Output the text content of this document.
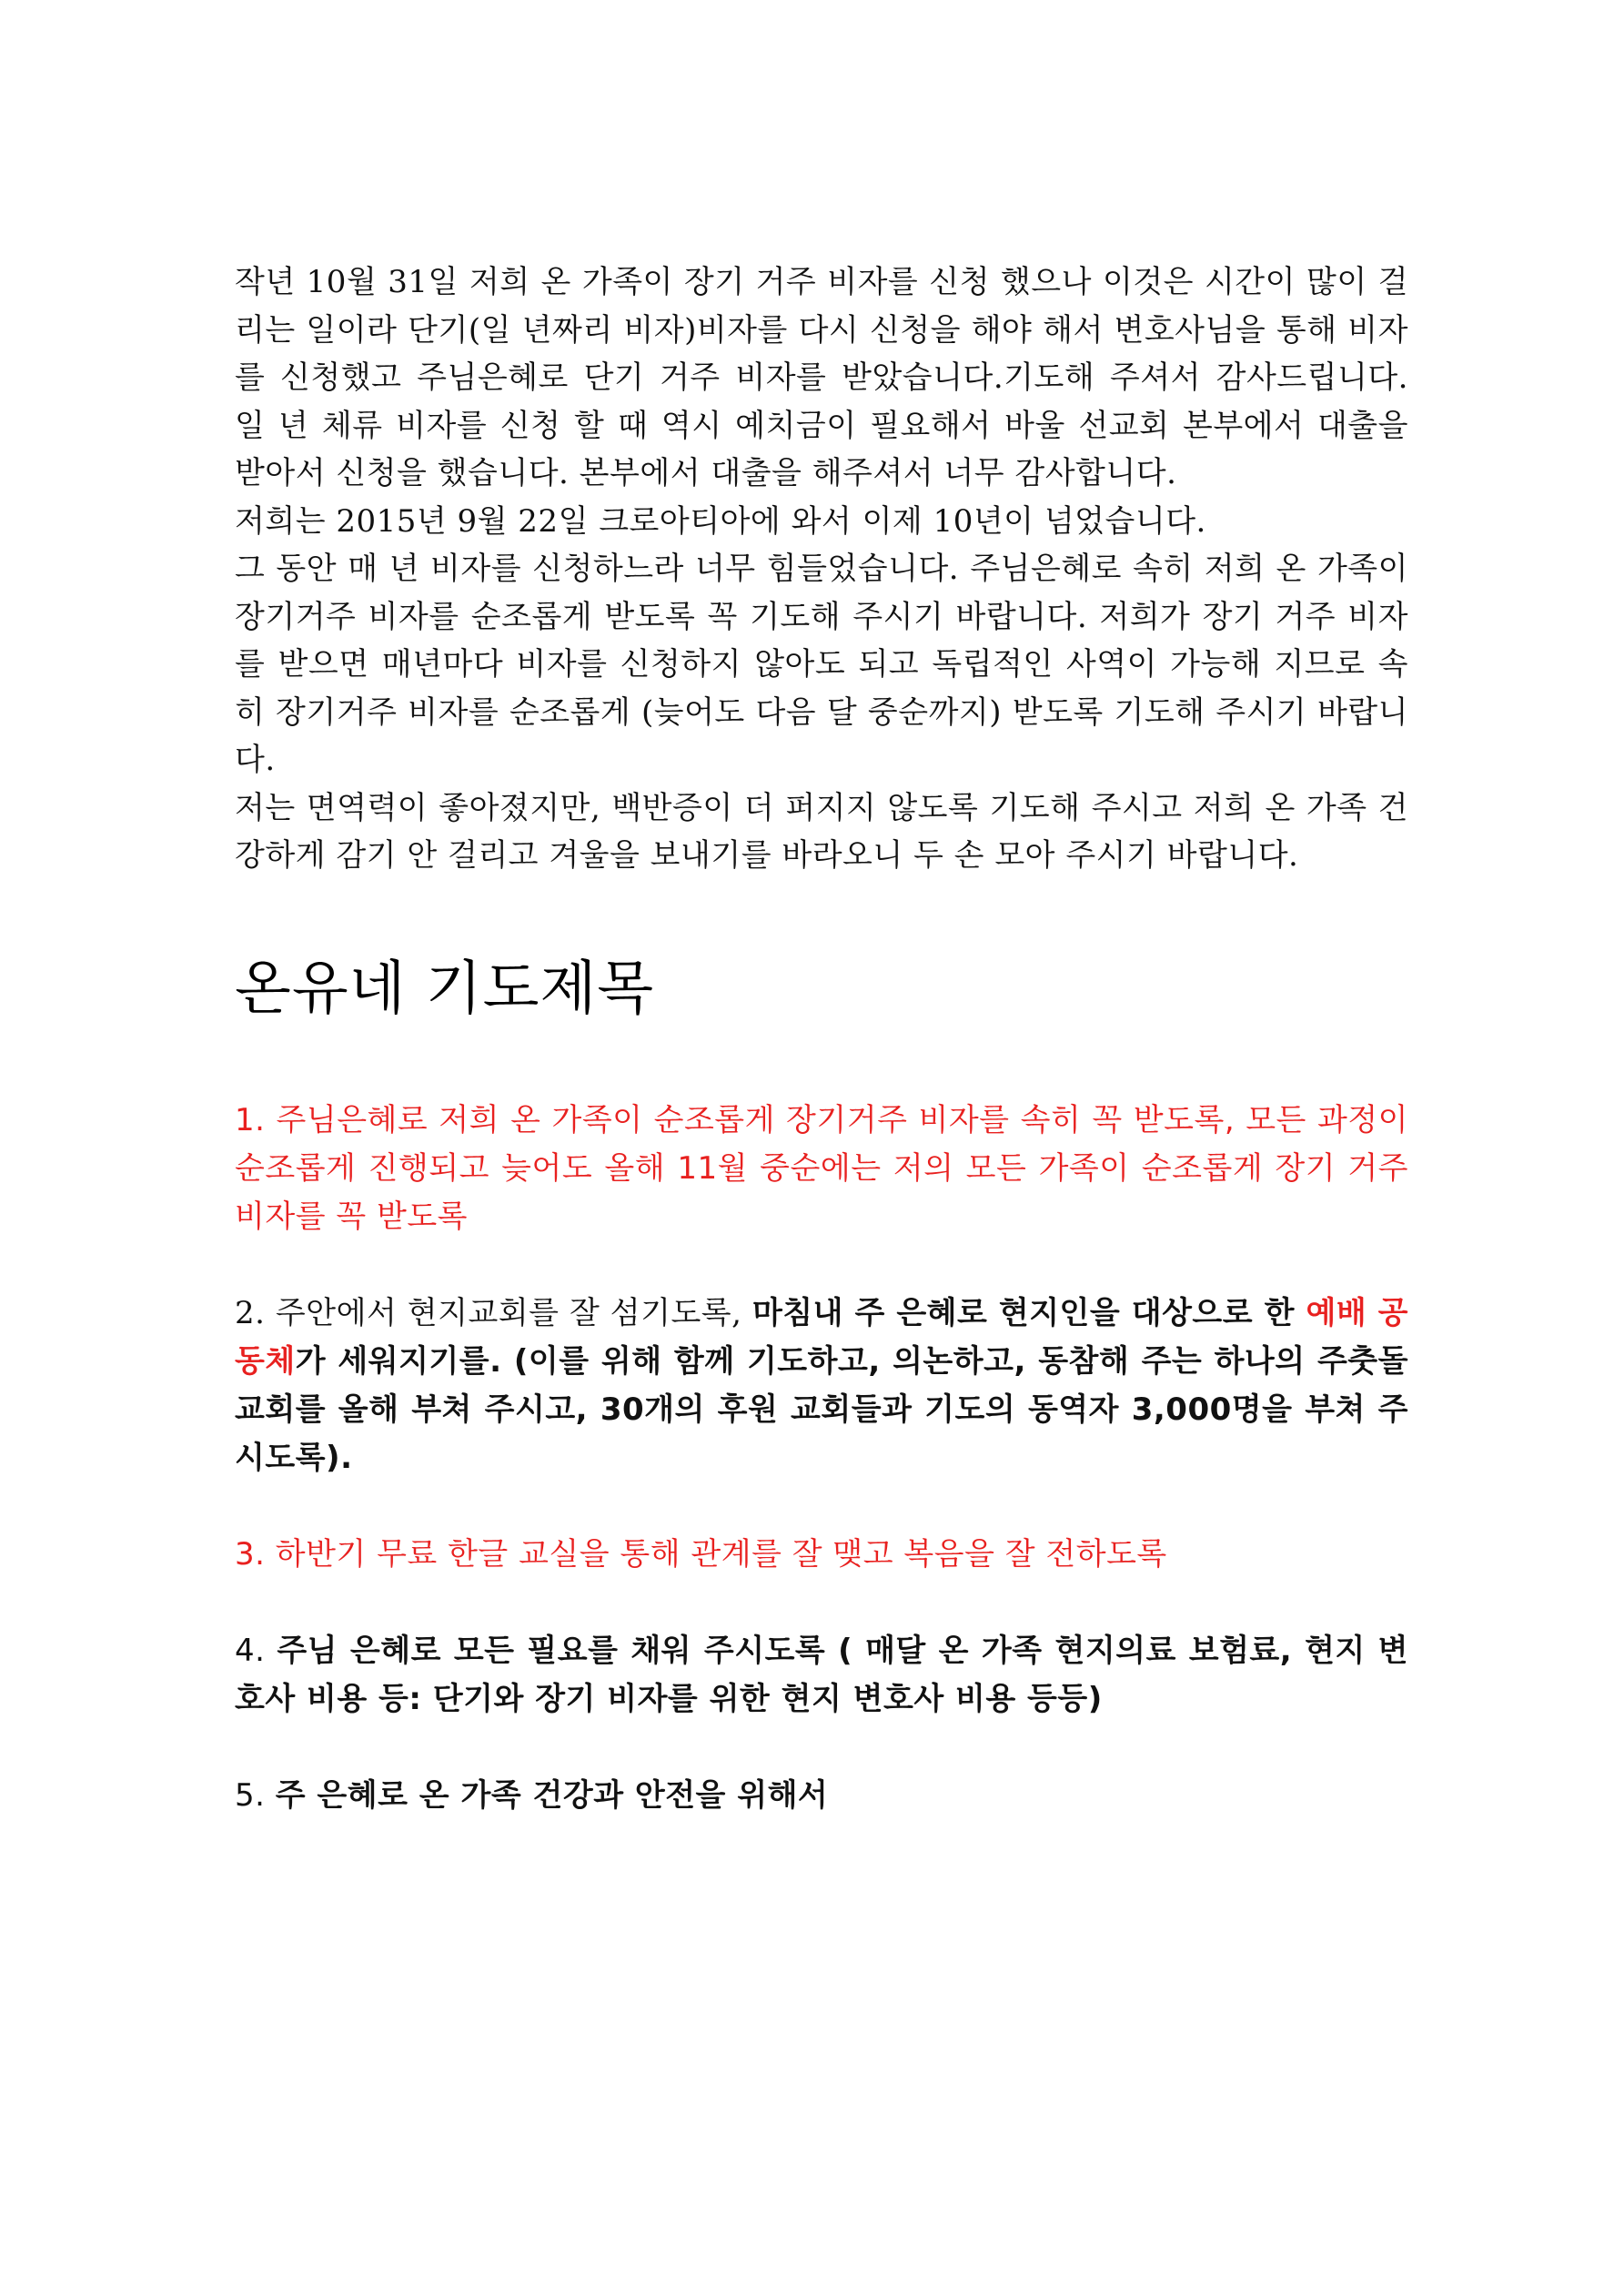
작년 10월 31일 저희 온 가족이 장기 거주 비자를 신청 했으나 이것은 시간이 많이 걸리는 일이라 단기(일 년짜리 비자)비자를 다시 신청을 해야 해서 변호사님을 통해 비자를 신청했고 주님은혜로 단기 거주 비자를 받았습니다.기도해 주셔서 감사드립니다. 일 년 체류 비자를 신청 할 때 역시 예치금이 필요해서 바울 선교회 본부에서 대출을 받아서 신청을 했습니다. 본부에서 대출을 해주셔서 너무 감사합니다.

저희는 2015년 9월 22일 크로아티아에 와서 이제 10년이 넘었습니다.

그 동안 매 년 비자를 신청하느라 너무 힘들었습니다. 주님은혜로 속히 저희 온 가족이 장기거주 비자를 순조롭게 받도록 꼭 기도해 주시기 바랍니다. 저희가 장기 거주 비자를 받으면 매년마다 비자를 신청하지 않아도 되고 독립적인 사역이 가능해 지므로 속히 장기거주 비자를 순조롭게 (늦어도 다음 달 중순까지) 받도록 기도해 주시기 바랍니다.

저는 면역력이 좋아졌지만, 백반증이 더 퍼지지 않도록 기도해 주시고 저희 온 가족 건강하게 감기 안 걸리고 겨울을 보내기를 바라오니 두 손 모아 주시기 바랍니다.

온유네 기도제목

1. 주님은혜로 저희 온 가족이 순조롭게 장기거주 비자를 속히 꼭 받도록, 모든 과정이 순조롭게 진행되고 늦어도 올해 11월 중순에는 저의 모든 가족이 순조롭게 장기 거주 비자를 꼭 받도록

2. 주안에서 현지교회를 잘 섬기도록, 마침내 주 은혜로 현지인을 대상으로 한 예배 공동체가 세워지기를. (이를 위해 함께 기도하고, 의논하고, 동참해 주는 하나의 주춧돌 교회를 올해 부쳐 주시고, 30개의 후원 교회들과 기도의 동역자 3,000명을 부쳐 주시도록).

3. 하반기 무료 한글 교실을 통해 관계를 잘 맺고 복음을 잘 전하도록

4. 주님 은혜로 모든 필요를 채워 주시도록 ( 매달 온 가족 현지의료 보험료, 현지 변호사 비용 등: 단기와 장기 비자를 위한 현지 변호사 비용 등등)

5. 주 은혜로 온 가족 건강과 안전을 위해서
